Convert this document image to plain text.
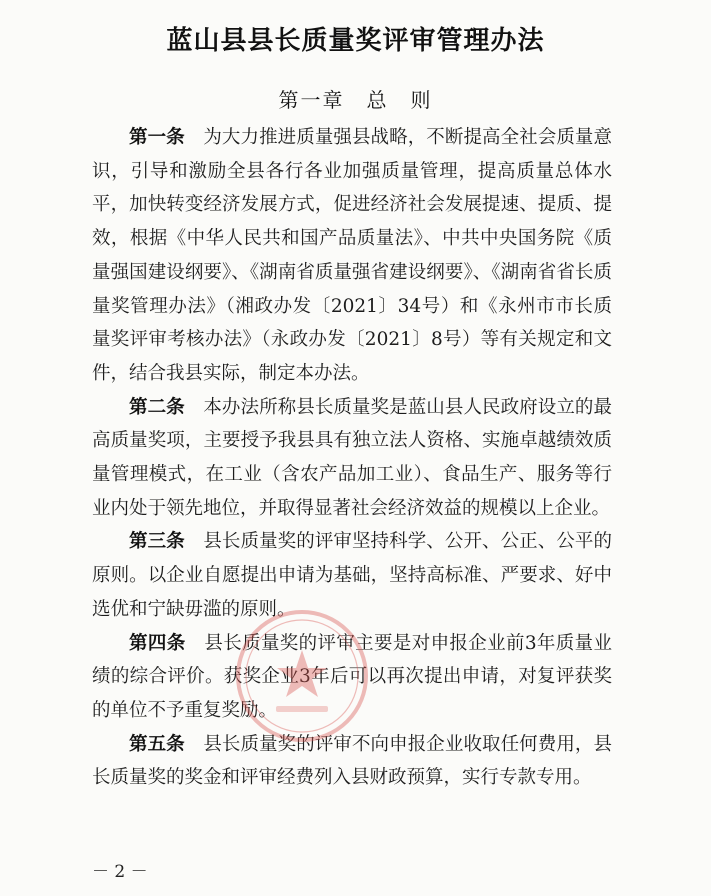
蓝山县县长质量奖评审管理办法
第一章　总　则

第一条　 为大力推进质量强县战略，不断提高全社会质量意识，引导和激励全县各行各业加强质量管理，提高质量总体水平，加快转变经济发展方式，促进经济社会发展提速、提质、提效，根据《中华人民共和国产品质量法》、中共中央国务院《质量强国建设纲要》、《湖南省质量强省建设纲要》、《湖南省省长质量奖管理办法》（湘政办发〔2021〕34号）和《永州市市长质量奖评审考核办法》（永政办发〔2021〕8号）等有关规定和文件，结合我县实际，制定本办法。

第二条　 本办法所称县长质量奖是蓝山县人民政府设立的最高质量奖项，主要授予我县具有独立法人资格、实施卓越绩效质量管理模式，在工业（含农产品加工业）、食品生产、服务等行业内处于领先地位，并取得显著社会经济效益的规模以上企业。

第三条　 县长质量奖的评审坚持科学、公开、公正、公平的原则。以企业自愿提出申请为基础，坚持高标准、严要求、好中选优和宁缺毋滥的原则。

第四条　 县长质量奖的评审主要是对申报企业前3年质量业绩的综合评价。获奖企业3年后可以再次提出申请，对复评获奖的单位不予重复奖励。

第五条　 县长质量奖的评审不向申报企业收取任何费用，县长质量奖的奖金和评审经费列入县财政预算，实行专款专用。

－ 2 －
